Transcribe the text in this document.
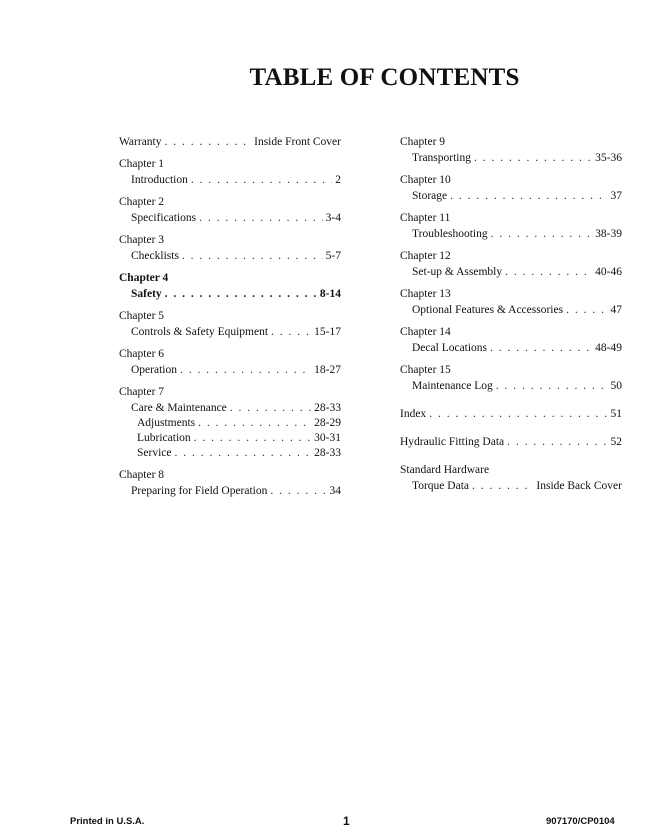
TABLE OF CONTENTS
Warranty . . .	Inside Front Cover
Chapter 1
Introduction . . .	2
Chapter 2
Specifications . . .	3-4
Chapter 3
Checklists . . .	5-7
Chapter 4
Safety . . .	8-14
Chapter 5
Controls & Safety Equipment . . .	15-17
Chapter 6
Operation . . .	18-27
Chapter 7
Care & Maintenance . . .	28-33
Adjustments . . .	28-29
Lubrication . . .	30-31
Service . . .	28-33
Chapter 8
Preparing for Field Operation . . .	34
Chapter 9
Transporting . . .	35-36
Chapter 10
Storage . . .	37
Chapter 11
Troubleshooting . . .	38-39
Chapter 12
Set-up & Assembly . . .	40-46
Chapter 13
Optional Features & Accessories . . .	47
Chapter 14
Decal Locations . . .	48-49
Chapter 15
Maintenance Log . . .	50
Index . . .	51
Hydraulic Fitting Data . . .	52
Standard Hardware
Torque Data . . .	Inside Back Cover
Printed in U.S.A.	1	907170/CP0104
